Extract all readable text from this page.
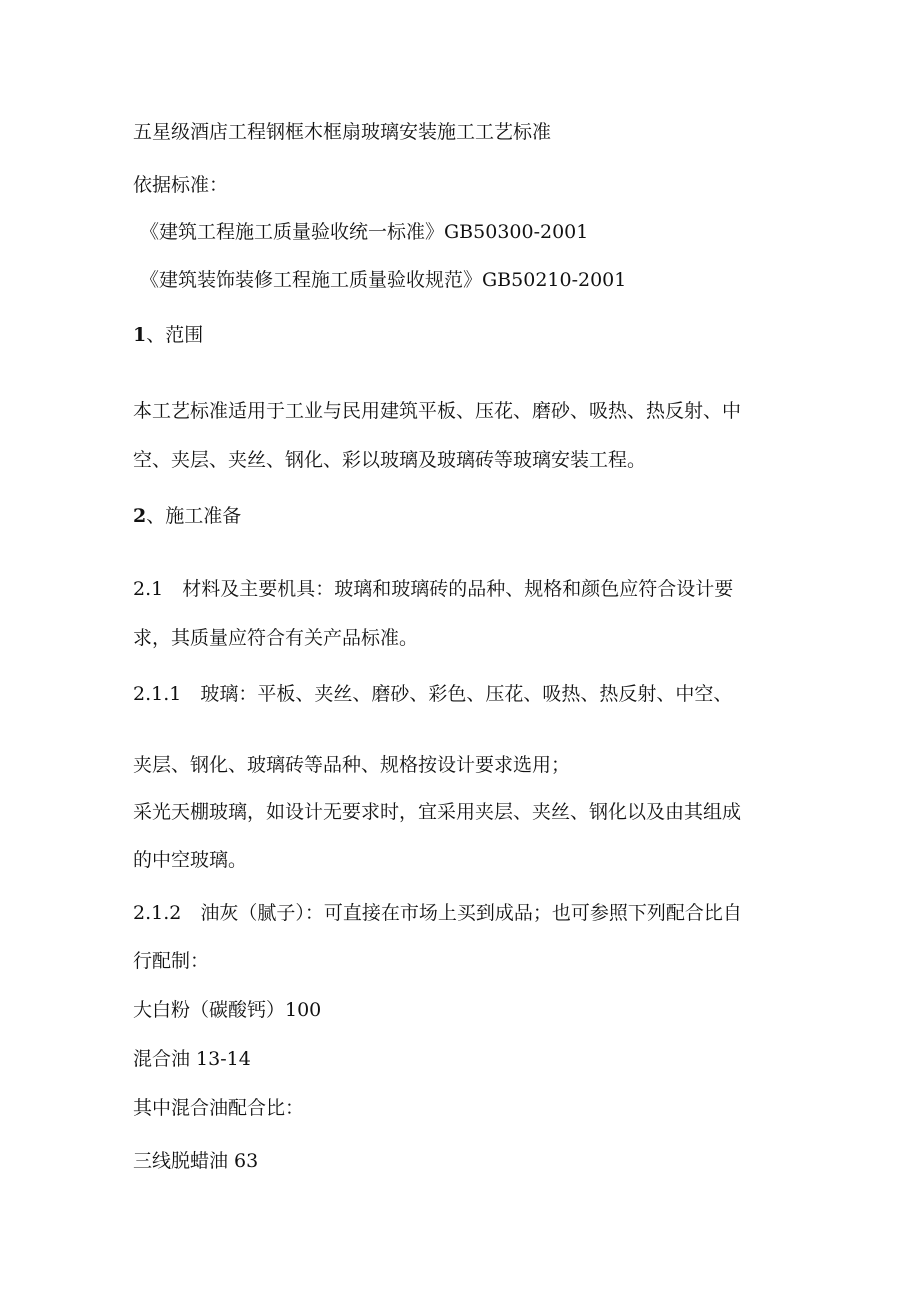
五星级酒店工程钢框木框扇玻璃安装施工工艺标准
依据标准：
《建筑工程施工质量验收统一标准》GB50300-2001
《建筑装饰装修工程施工质量验收规范》GB50210-2001
1、范围
本工艺标准适用于工业与民用建筑平板、压花、磨砂、吸热、热反射、中
空、夹层、夹丝、钢化、彩以玻璃及玻璃砖等玻璃安装工程。
2、施工准备
2.1　材料及主要机具：玻璃和玻璃砖的品种、规格和颜色应符合设计要
求，其质量应符合有关产品标准。
2.1.1　玻璃：平板、夹丝、磨砂、彩色、压花、吸热、热反射、中空、
夹层、钢化、玻璃砖等品种、规格按设计要求选用；
采光天棚玻璃，如设计无要求时，宜采用夹层、夹丝、钢化以及由其组成
的中空玻璃。
2.1.2　油灰（腻子）：可直接在市场上买到成品；也可参照下列配合比自
行配制：
大白粉（碳酸钙）100
混合油 13-14
其中混合油配合比：
三线脱蜡油 63
